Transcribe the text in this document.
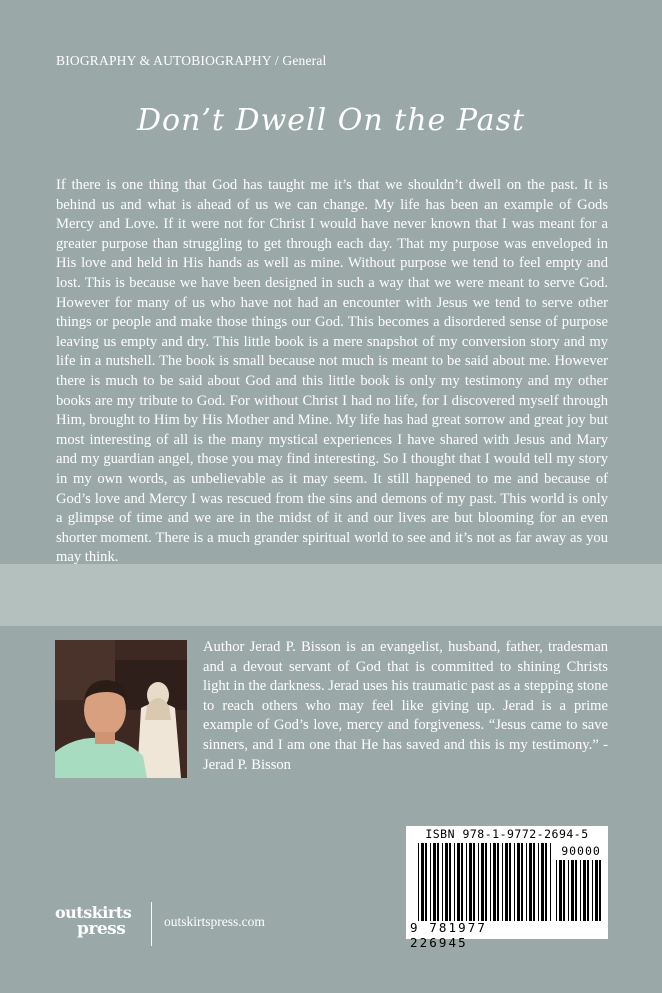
BIOGRAPHY & AUTOBIOGRAPHY / General
Don’t Dwell On the Past

If there is one thing that God has taught me it’s that we shouldn’t dwell on the past. It is behind us and what is ahead of us we can change. My life has been an example of Gods Mercy and Love. If it were not for Christ I would have never known that I was meant for a greater purpose than struggling to get through each day. That my purpose was enveloped in His love and held in His hands as well as mine. Without purpose we tend to feel empty and lost. This is because we have been designed in such a way that we were meant to serve God. However for many of us who have not had an encounter with Jesus we tend to serve other things or people and make those things our God. This becomes a disordered sense of purpose leaving us empty and dry. This little book is a mere snapshot of my conversion story and my life in a nutshell. The book is small because not much is meant to be said about me. However there is much to be said about God and this little book is only my testimony and my other books are my tribute to God. For without Christ I had no life, for I discovered myself through Him, brought to Him by His Mother and Mine. My life has had great sorrow and great joy but most interesting of all is the many mystical experiences I have shared with Jesus and Mary and my guardian angel, those you may find interesting. So I thought that I would tell my story in my own words, as unbelievable as it may seem. It still happened to me and because of God’s love and Mercy I was rescued from the sins and demons of my past. This world is only a glimpse of time and we are in the midst of it and our lives are but blooming for an even shorter moment. There is a much grander spiritual world to see and it’s not as far away as you may think.

Author Jerad P. Bisson is an evangelist, husband, father, tradesman and a devout servant of God that is committed to shining Christs light in the darkness. Jerad uses his traumatic past as a stepping stone to reach others who may feel like giving up. Jerad is a prime example of God’s love, mercy and forgiveness. “Jesus came to save sinners, and I am one that He has saved and this is my testimony.” -Jerad P. Bisson

ISBN 978-1-9772-2694-5
90000
9 781977 226945
outskirts
press	outskirtspress.com
